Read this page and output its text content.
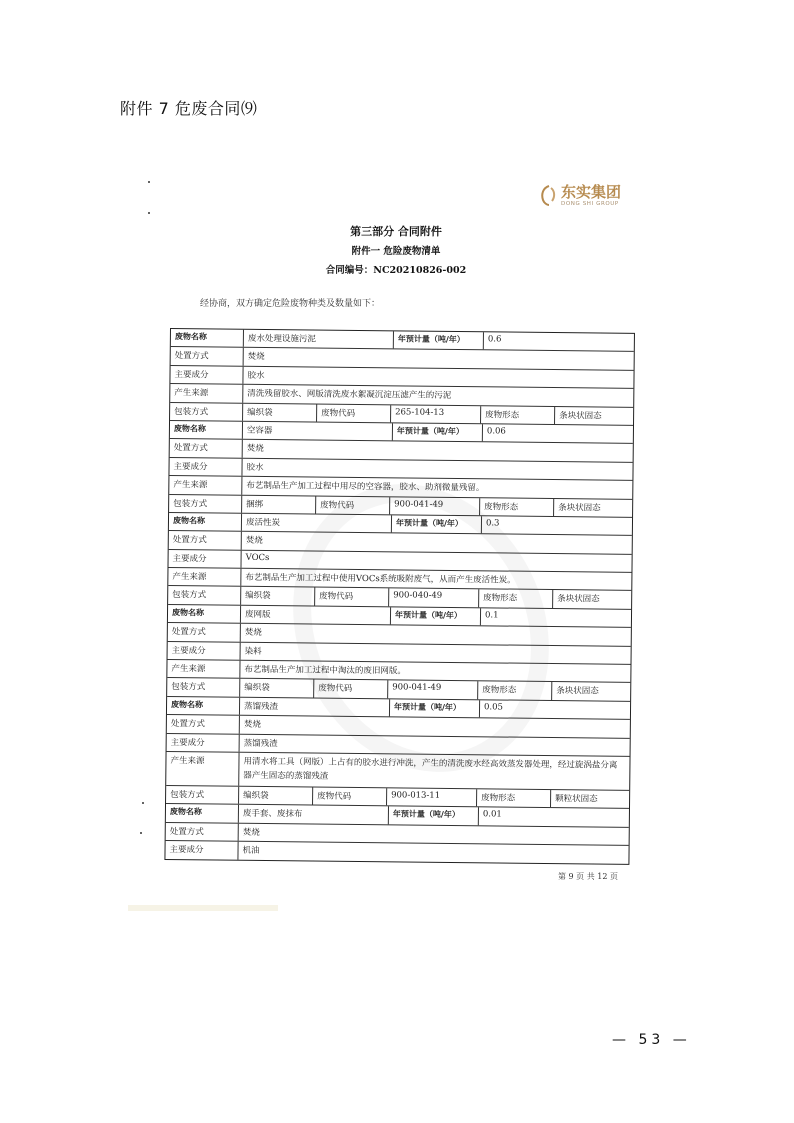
附件 7 危废合同⑼
东实集团
DONG SHI GROUP
第三部分 合同附件
附件一 危险废物清单
合同编号：NC20210826-002
经协商，双方确定危险废物种类及数量如下：
废物名称	废水处理设施污泥	年预计量（吨/年）	0.6
处置方式	焚烧
主要成分	胶水
产生来源	清洗残留胶水、网版清洗废水絮凝沉淀压滤产生的污泥
包装方式	编织袋	废物代码	265-104-13	废物形态	条块状固态
废物名称	空容器	年预计量（吨/年）	0.06
处置方式	焚烧
主要成分	胶水
产生来源	布艺制品生产加工过程中用尽的空容器，胶水、助剂微量残留。
包装方式	捆绑	废物代码	900-041-49	废物形态	条块状固态
废物名称	废活性炭	年预计量（吨/年）	0.3
处置方式	焚烧
主要成分	VOCs
产生来源	布艺制品生产加工过程中使用VOCs系统吸附废气，从而产生废活性炭。
包装方式	编织袋	废物代码	900-040-49	废物形态	条块状固态
废物名称	废网版	年预计量（吨/年）	0.1
处置方式	焚烧
主要成分	染料
产生来源	布艺制品生产加工过程中淘汰的废旧网版。
包装方式	编织袋	废物代码	900-041-49	废物形态	条块状固态
废物名称	蒸馏残渣	年预计量（吨/年）	0.05
处置方式	焚烧
主要成分	蒸馏残渣
产生来源	用清水将工具（网版）上占有的胶水进行冲洗，产生的清洗废水经高效蒸发器处理，经过旋涡盐分离器产生固态的蒸馏残渣
包装方式	编织袋	废物代码	900-013-11	废物形态	颗粒状固态
废物名称	废手套、废抹布	年预计量（吨/年）	0.01
处置方式	焚烧
主要成分	机油
第 9 页 共 12 页
— 53 —
